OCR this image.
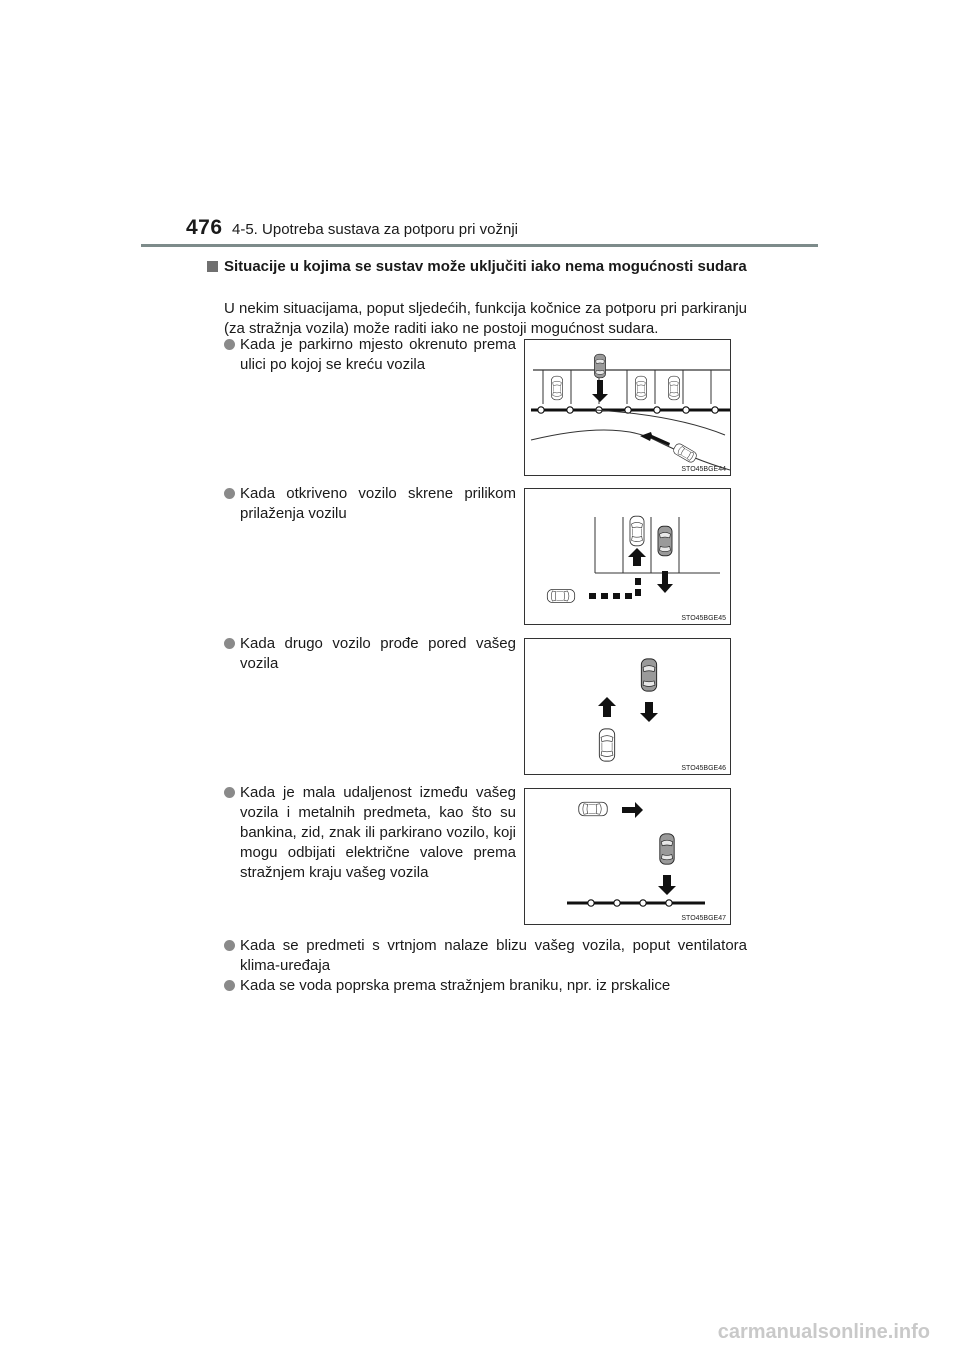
476 4-5. Upotreba sustava za potporu pri vožnji
Situacije u kojima se sustav može uključiti iako nema mogućnosti sudara
U nekim situacijama, poput sljedećih, funkcija kočnice za potporu pri parkiranju (za stražnja vozila) može raditi iako ne postoji mogućnost sudara.
Kada je parkirno mjesto okrenuto prema ulici po kojoj se kreću vozila
STO45BGE44
Kada otkriveno vozilo skrene prilikom prilaženja vozilu
STO45BGE45
Kada drugo vozilo prođe pored vašeg vozila
STO45BGE46
Kada je mala udaljenost između vašeg vozila i metalnih predmeta, kao što su bankina, zid, znak ili parkirano vozilo, koji mogu odbijati električne valove prema stražnjem kraju vašeg vozila
STO45BGE47
Kada se predmeti s vrtnjom nalaze blizu vašeg vozila, poput ventilatora klima-uređaja
Kada se voda poprska prema stražnjem braniku, npr. iz prskalice
carmanualsonline.info
